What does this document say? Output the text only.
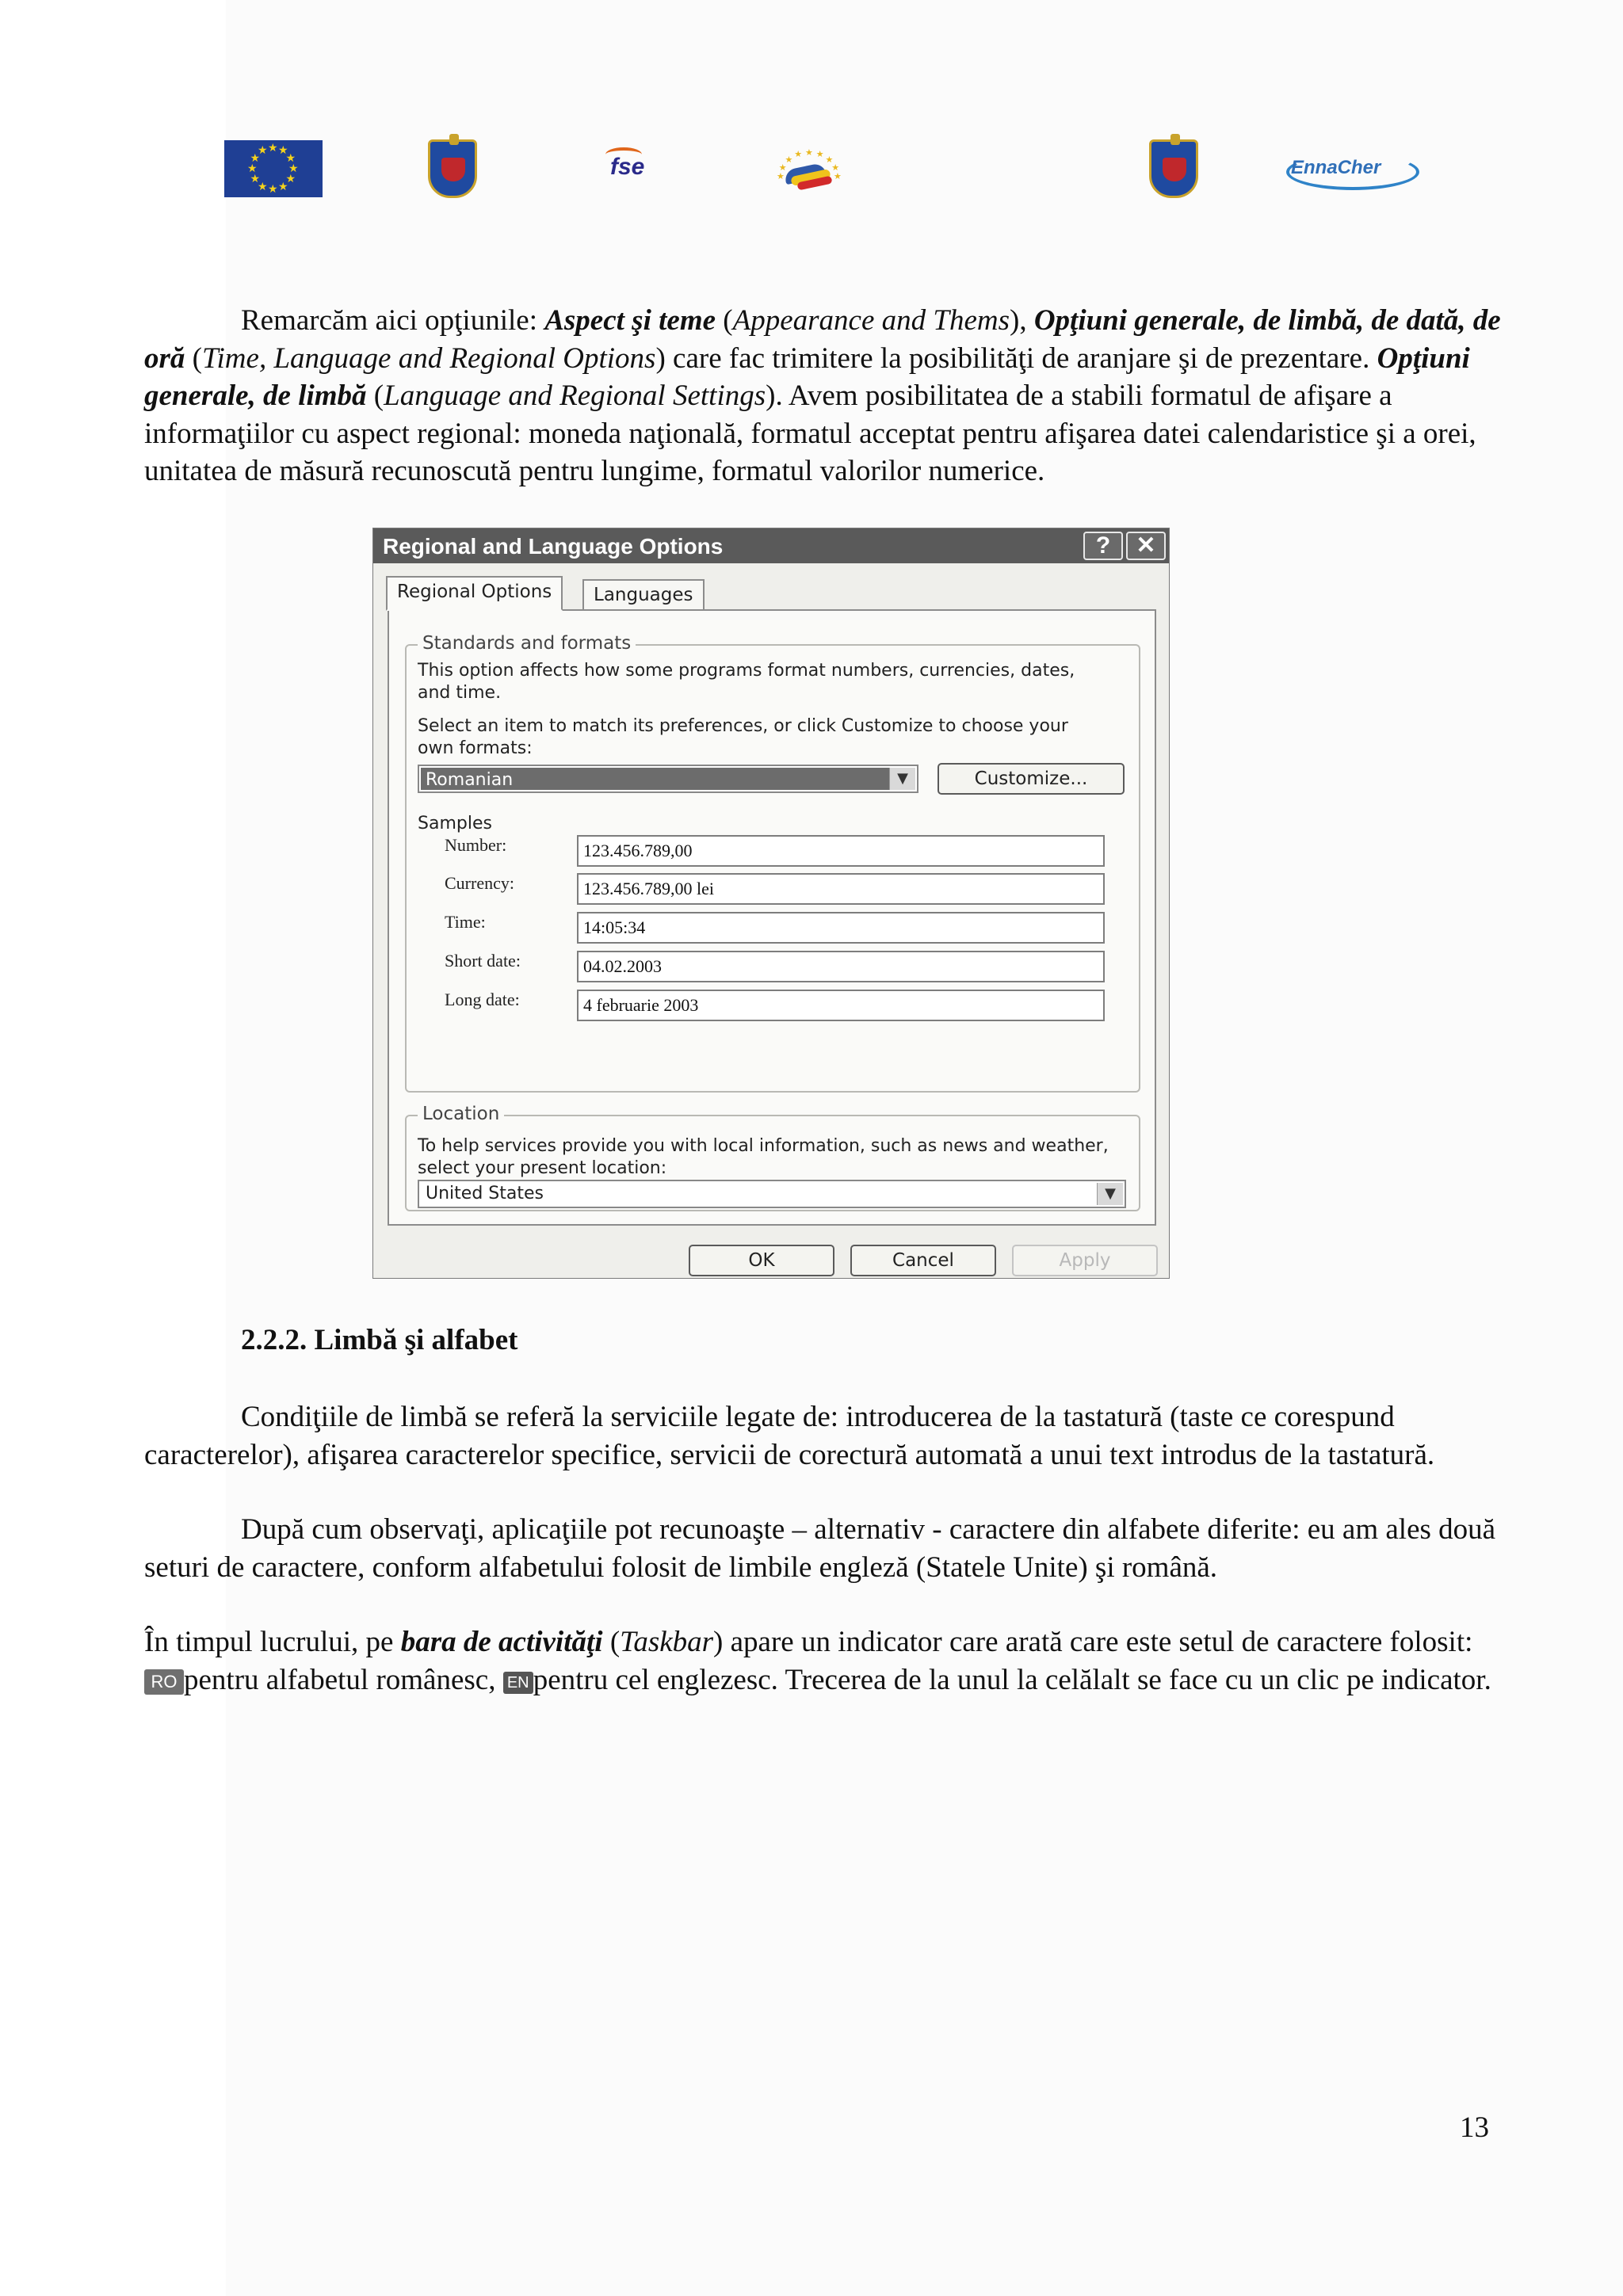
★
★
★
★
★
★
★
★
★ ★ ★
★	fse	★
★
★ ★ ★ ★ ★
★
★	EnnaCher
Remarcăm aici opţiunile: Aspect şi teme (Appearance and Thems), Opţiuni generale, de limbă, de dată, de oră (Time, Language and Regional Options) care fac trimitere la posibilităţi de aranjare şi de prezentare. Opţiuni generale, de limbă (Language and Regional Settings). Avem posibilitatea de a stabili formatul de afişare a informaţiilor cu aspect regional: moneda naţională, formatul acceptat pentru afişarea datei calendaristice şi a orei, unitatea de măsură recunoscută pentru lungime, formatul valorilor numerice.
Regional and Language Options	?	✕
Regional Options	Languages
Standards and formats
This option affects how some programs format numbers, currencies, dates, and time.
Select an item to match its preferences, or click Customize to choose your own formats:
Romanian	▼	Customize...
Samples
Location
To help services provide you with local information, such as news and weather, select your present location:
United States	▼
OK	Cancel	Apply
Number:	123.456.789,00
Currency:	123.456.789,00 lei
Time:	14:05:34
Short date:	04.02.2003
Long date:	4 februarie 2003
2.2.2. Limbă şi alfabet
Condiţiile de limbă se referă la serviciile legate de: introducerea de la tastatură (taste ce corespund caracterelor), afişarea caracterelor specifice, servicii de corectură automată a unui text introdus de la tastatură.
După cum observaţi, aplicaţiile pot recunoaşte – alternativ - caractere din alfabete diferite: eu am ales două seturi de caractere, conform alfabetului folosit de limbile engleză (Statele Unite) şi română.
În timpul lucrului, pe bara de activităţi (Taskbar) apare un indicator care arată care este setul de caractere folosit: RO pentru alfabetul românesc, EN pentru cel englezesc. Trecerea de la unul la celălalt se face cu un clic pe indicator.
13
